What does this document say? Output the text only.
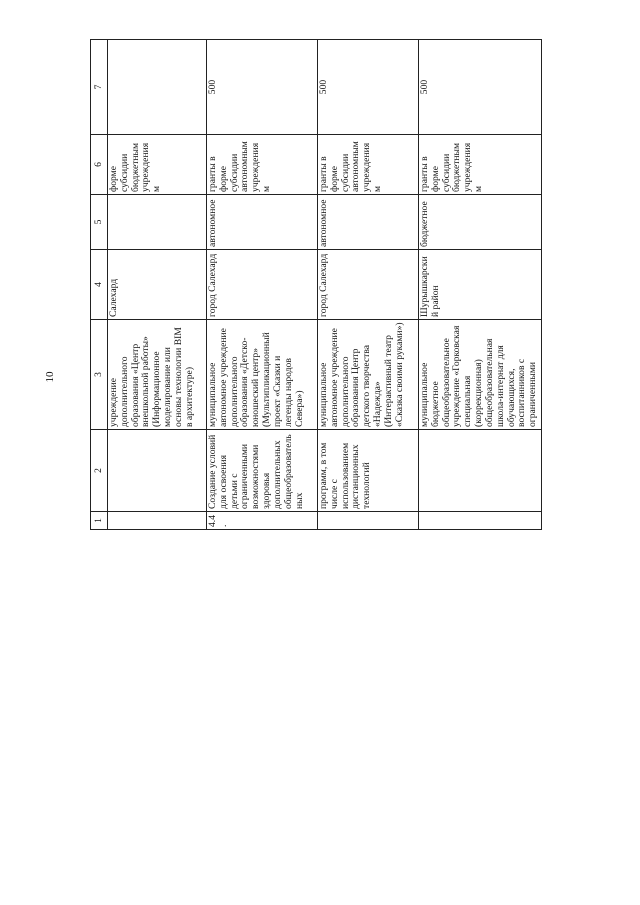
10
1	2	3	4	5	6	7
		учреждение дополнительного образования «Центр внешкольной работы» (Информационное моделирование или основы технологии BIM в архитектуре)	Салехард		форме субсидии бюджетным учреждениям	
4.4.	Создание условий для освоения детьми с ограниченными возможностями здоровья дополнительных общеобразовательных	муниципальное автономное учреждение дополнительного образования «Детско-юношеский центр» (Мультипликационный проект «Сказки и легенды народов Севера»)	город Салехард	автономное	гранты в форме субсидии автономным учреждениям	500
	программ, в том числе с использованием дистанционных технологий	муниципальное автономное учреждение дополнительного образования Центр детского творчества «Надежда» (Интерактивный театр «Сказка своими руками»)	город Салехард	автономное	гранты в форме субсидии автономным учреждениям	500
		муниципальное бюджетное общеобразовательное учреждение «Горковская специальная (коррекционная) общеобразовательная школа-интернат для обучающихся, воспитанников с ограниченными	Шурышкарский район	бюджетное	гранты в форме субсидии бюджетным учреждениям	500
